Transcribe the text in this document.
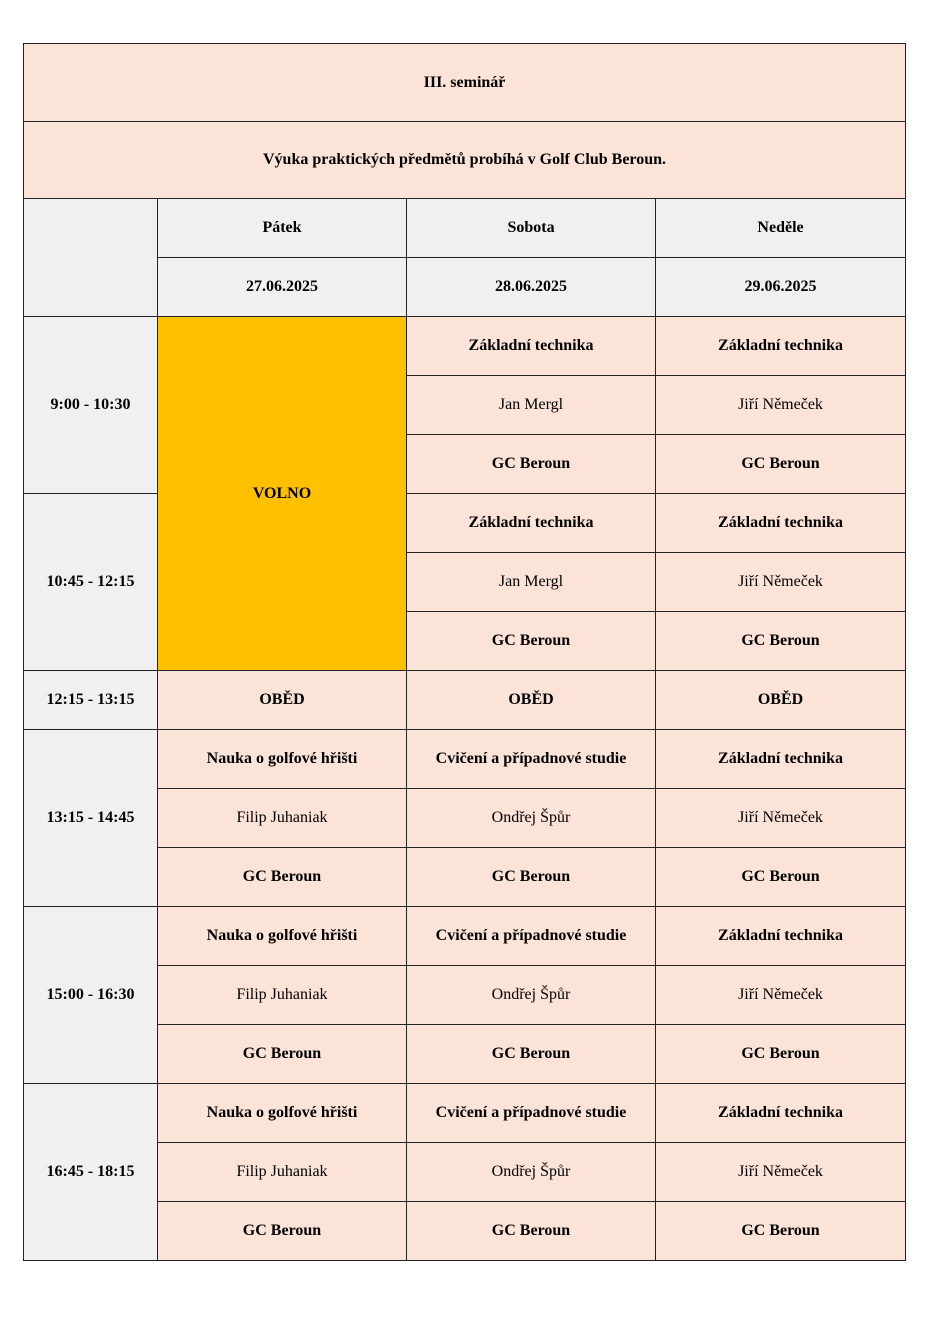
III. seminář			
Výuka praktických předmětů probíhá v Golf Club Beroun.			
	Pátek	Sobota	Neděle
	27.06.2025	28.06.2025	29.06.2025
9:00 - 10:30	VOLNO	Základní technika	Základní technika
		Jan Mergl	Jiří Němeček
		GC Beroun	GC Beroun
10:45 - 12:15		Základní technika	Základní technika
		Jan Mergl	Jiří Němeček
		GC Beroun	GC Beroun
12:15 - 13:15	OBĚD	OBĚD	OBĚD
13:15 - 14:45	Nauka o golfové hřišti	Cvičení a případnové studie	Základní technika
	Filip Juhaniak	Ondřej Špůr	Jiří Němeček
	GC Beroun	GC Beroun	GC Beroun
15:00 - 16:30	Nauka o golfové hřišti	Cvičení a případnové studie	Základní technika
	Filip Juhaniak	Ondřej Špůr	Jiří Němeček
	GC Beroun	GC Beroun	GC Beroun
16:45 - 18:15	Nauka o golfové hřišti	Cvičení a případnové studie	Základní technika
	Filip Juhaniak	Ondřej Špůr	Jiří Němeček
	GC Beroun	GC Beroun	GC Beroun
